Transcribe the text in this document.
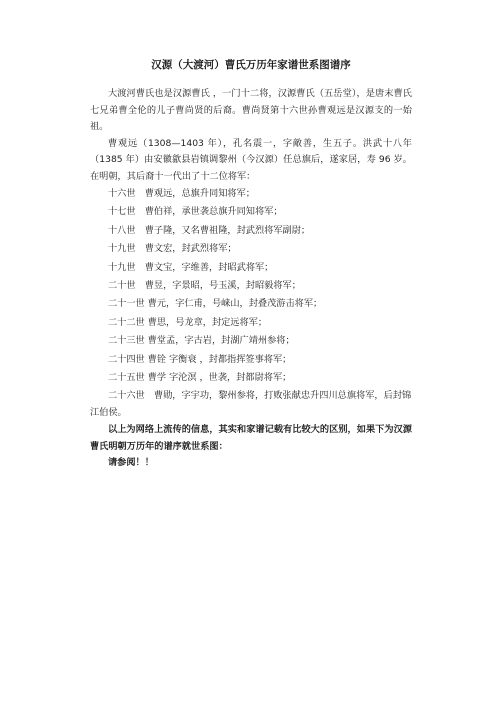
汉源（大渡河）曹氏万历年家谱世系图谱序

大渡河曹氏也是汉源曹氏 ，一门十二将，汉源曹氏（五岳堂），是唐末曹氏七兄弟曹全伦的儿子曹尚贤的后裔。曹尚贤第十六世孙曹观远是汉源支的一始祖。

曹观远（1308—1403 年），孔名震一，字敵善，生五子。洪武十八年（1385 年）由安徽歙县岩镇调黎州（今汉源）任总旗后，遂家居，寿 96 岁。在明朝，其后裔十一代出了十二位将军：

十六世　曹观远，总旗升同知将军；
十七世　曹伯祥，承世袭总旗升同知将军；
十八世　曹子隆，又名曹祖隆，封武烈将军副尉；
十九世　曹文宏，封武烈将军；
十九世　曹文宝，字维善，封昭武将军；
二十世　曹昱，字景昭，号玉溪，封昭毅将军；
二十一世 曹元，字仁甫，号崃山，封叠茂游击将军；
二十二世 曹思，号龙章，封定远将军；
二十三世 曹堂孟，字古岩，封湖广靖州参将；
二十四世 曹铨 字衡衰 ，封都指挥签事将军；
二十五世 曹学 字沦溟 ，世袭，封都尉将军；
二十六世　曹勋，字宇功，黎州参将，打败张献忠升四川总旗将军，后封锦江伯侯。

以上为网络上流传的信息，其实和家谱记载有比较大的区别，如果下为汉源曹氏明朝万历年的谱序就世系图：

请参阅！！
